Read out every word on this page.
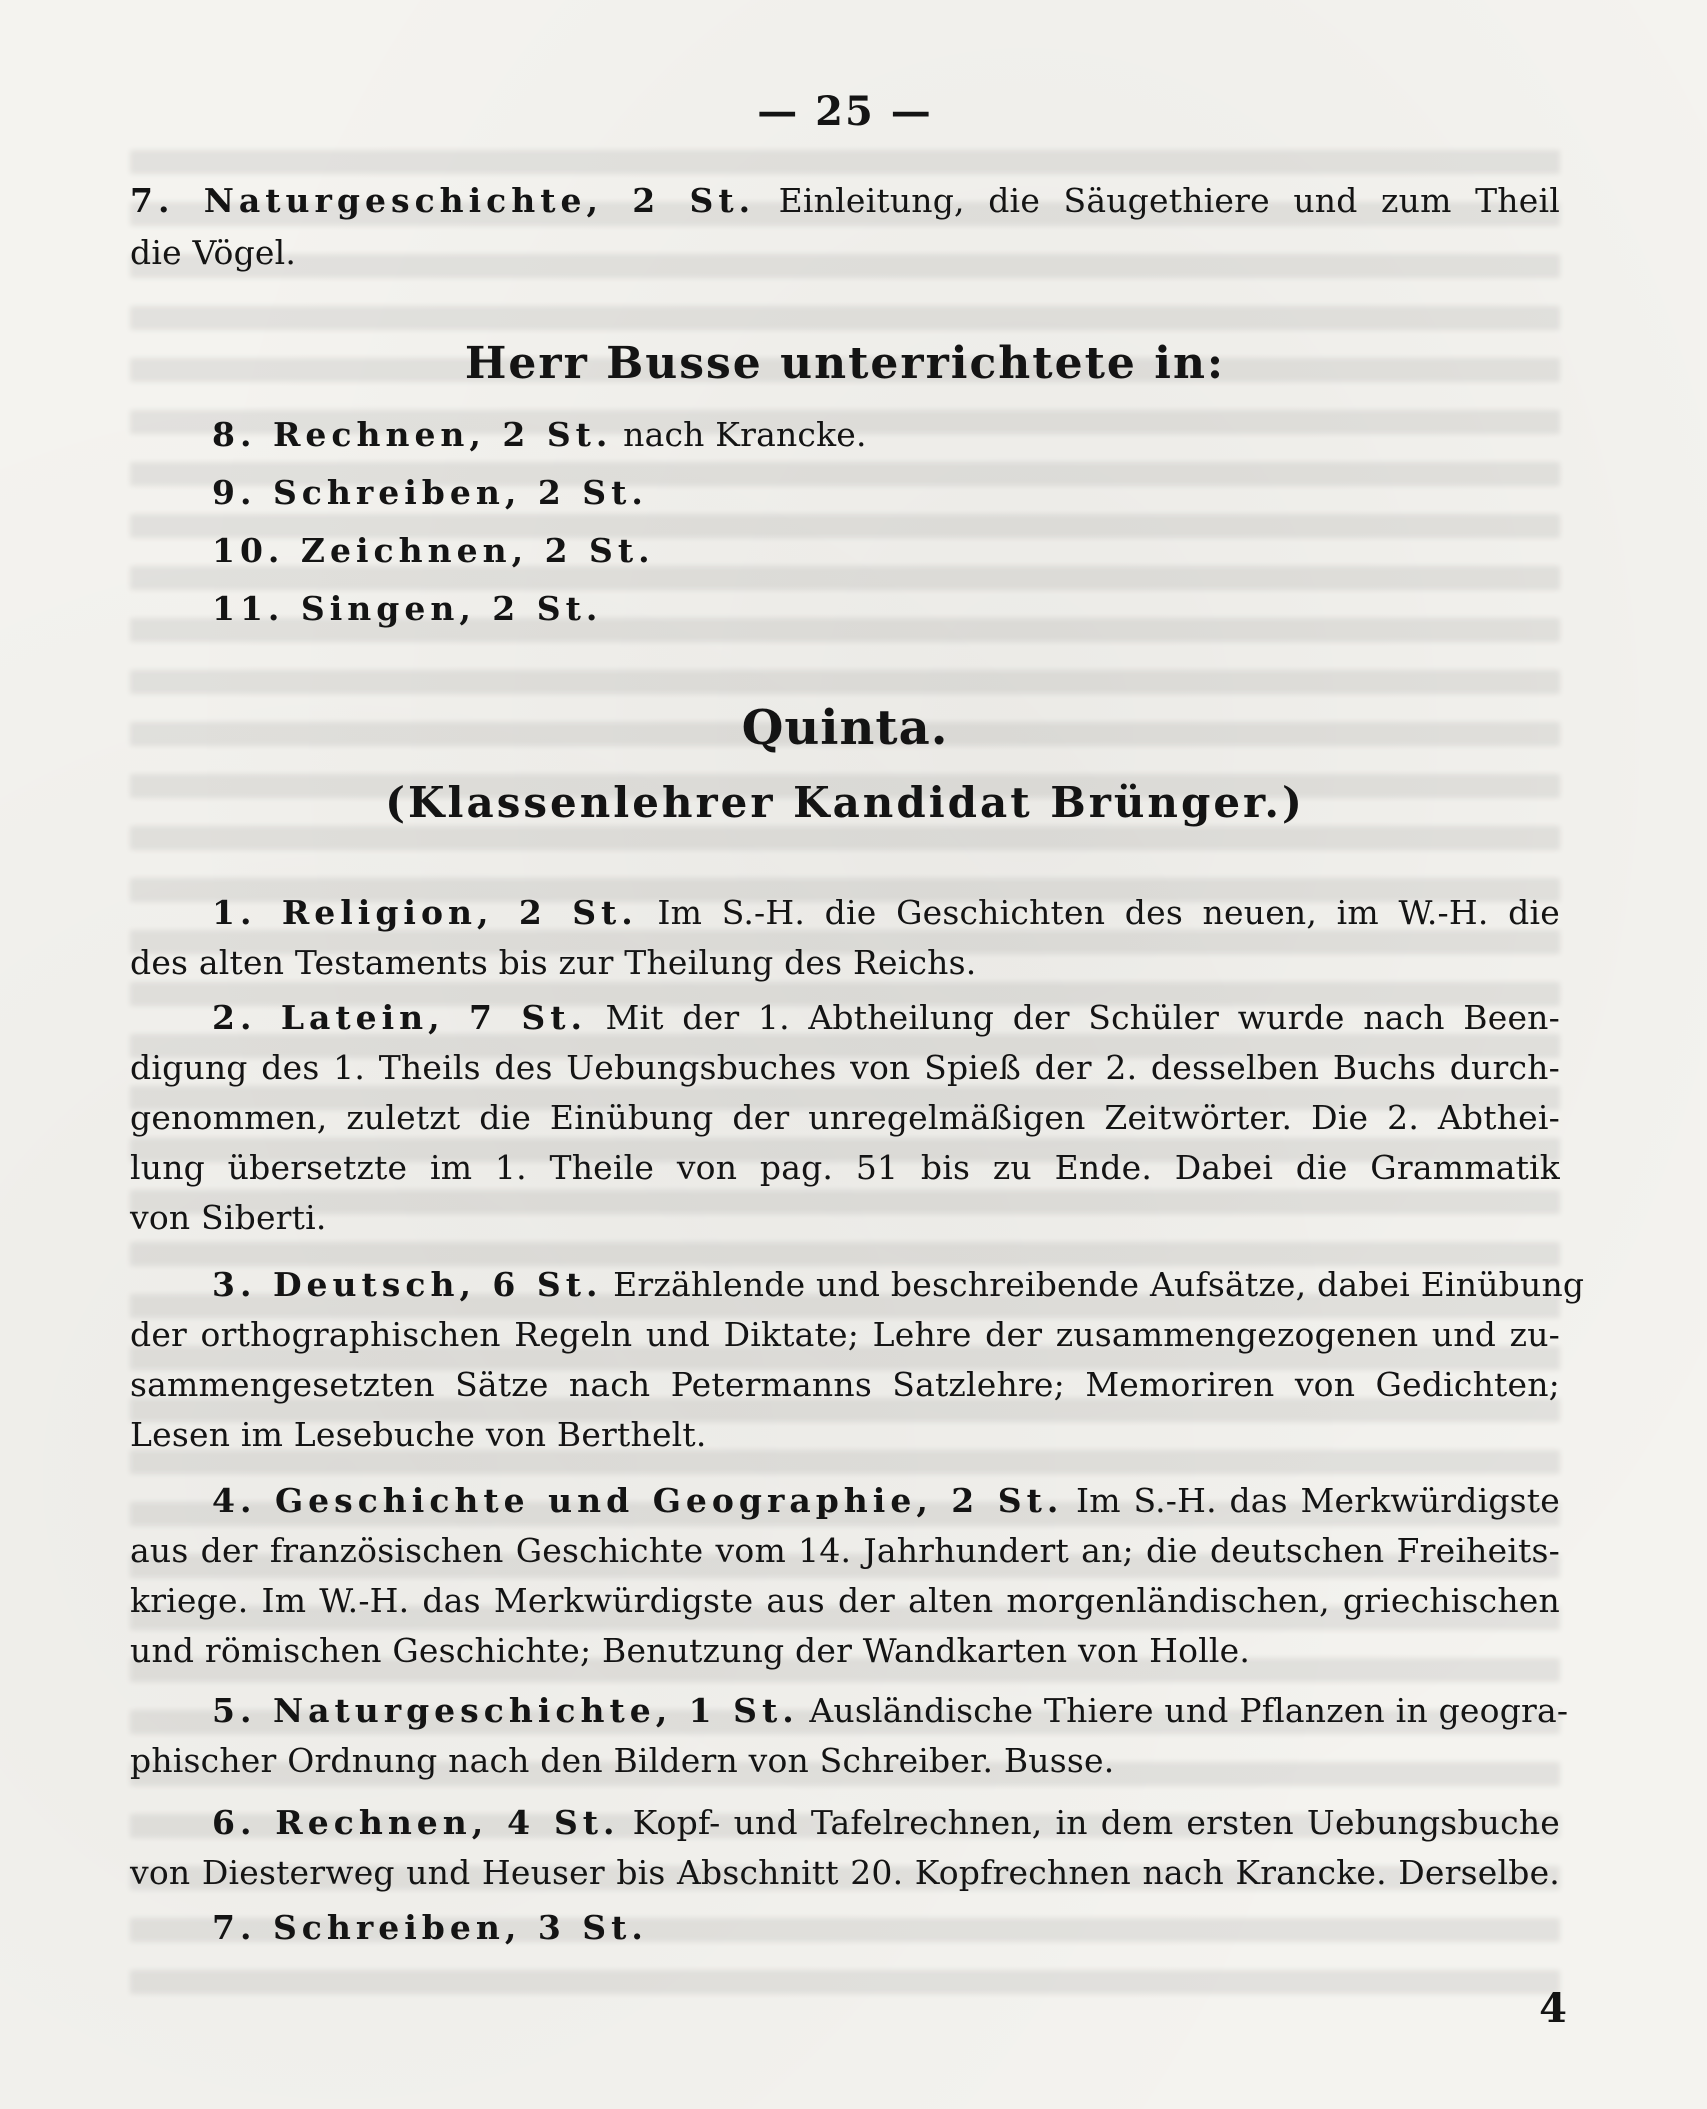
— 25 —
7. Naturgeschichte, 2 St. Einleitung, die Säugethiere und zum Theil
die Vögel.
Herr Busse unterrichtete in:
8. Rechnen, 2 St. nach Krancke.
9. Schreiben, 2 St.
10. Zeichnen, 2 St.
11. Singen, 2 St.
Quinta.
(Klassenlehrer Kandidat Brünger.)
1. Religion, 2 St. Im S.-H. die Geschichten des neuen, im W.-H. die
des alten Testaments bis zur Theilung des Reichs.
2. Latein, 7 St. Mit der 1. Abtheilung der Schüler wurde nach Been-
digung des 1. Theils des Uebungsbuches von Spieß der 2. desselben Buchs durch-
genommen, zuletzt die Einübung der unregelmäßigen Zeitwörter. Die 2. Abthei-
lung übersetzte im 1. Theile von pag. 51 bis zu Ende. Dabei die Grammatik
von Siberti.
3. Deutsch, 6 St. Erzählende und beschreibende Aufsätze, dabei Einübung
der orthographischen Regeln und Diktate; Lehre der zusammengezogenen und zu-
sammengesetzten Sätze nach Petermanns Satzlehre; Memoriren von Gedichten;
Lesen im Lesebuche von Berthelt.
4. Geschichte und Geographie, 2 St. Im S.-H. das Merkwürdigste
aus der französischen Geschichte vom 14. Jahrhundert an; die deutschen Freiheits-
kriege. Im W.-H. das Merkwürdigste aus der alten morgenländischen, griechischen
und römischen Geschichte; Benutzung der Wandkarten von Holle.
5. Naturgeschichte, 1 St. Ausländische Thiere und Pflanzen in geogra-
phischer Ordnung nach den Bildern von Schreiber. Busse.
6. Rechnen, 4 St. Kopf- und Tafelrechnen, in dem ersten Uebungsbuche
von Diesterweg und Heuser bis Abschnitt 20. Kopfrechnen nach Krancke. Derselbe.
7. Schreiben, 3 St.
4
